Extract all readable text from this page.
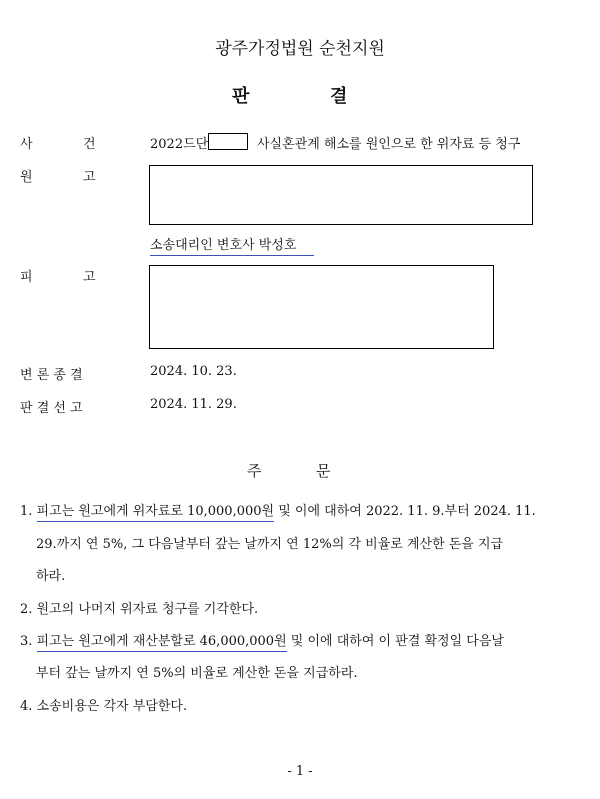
광주가정법원 순천지원
판	결
사	건	2022드단	사실혼관계 해소를 원인으로 한 위자료 등 청구
원	고
소송대리인 변호사 박성호
피	고
변 론 종 결	2024. 10. 23.
판 결 선 고	2024. 11. 29.
주	문
1. 피고는 원고에게 위자료로 10,000,000원 및 이에 대하여 2022. 11. 9.부터 2024. 11.
29.까지 연 5%, 그 다음날부터 갚는 날까지 연 12%의 각 비율로 계산한 돈을 지급
하라.
2. 원고의 나머지 위자료 청구를 기각한다.
3. 피고는 원고에게 재산분할로 46,000,000원 및 이에 대하여 이 판결 확정일 다음날
부터 갚는 날까지 연 5%의 비율로 계산한 돈을 지급하라.
4. 소송비용은 각자 부담한다.
- 1 -
